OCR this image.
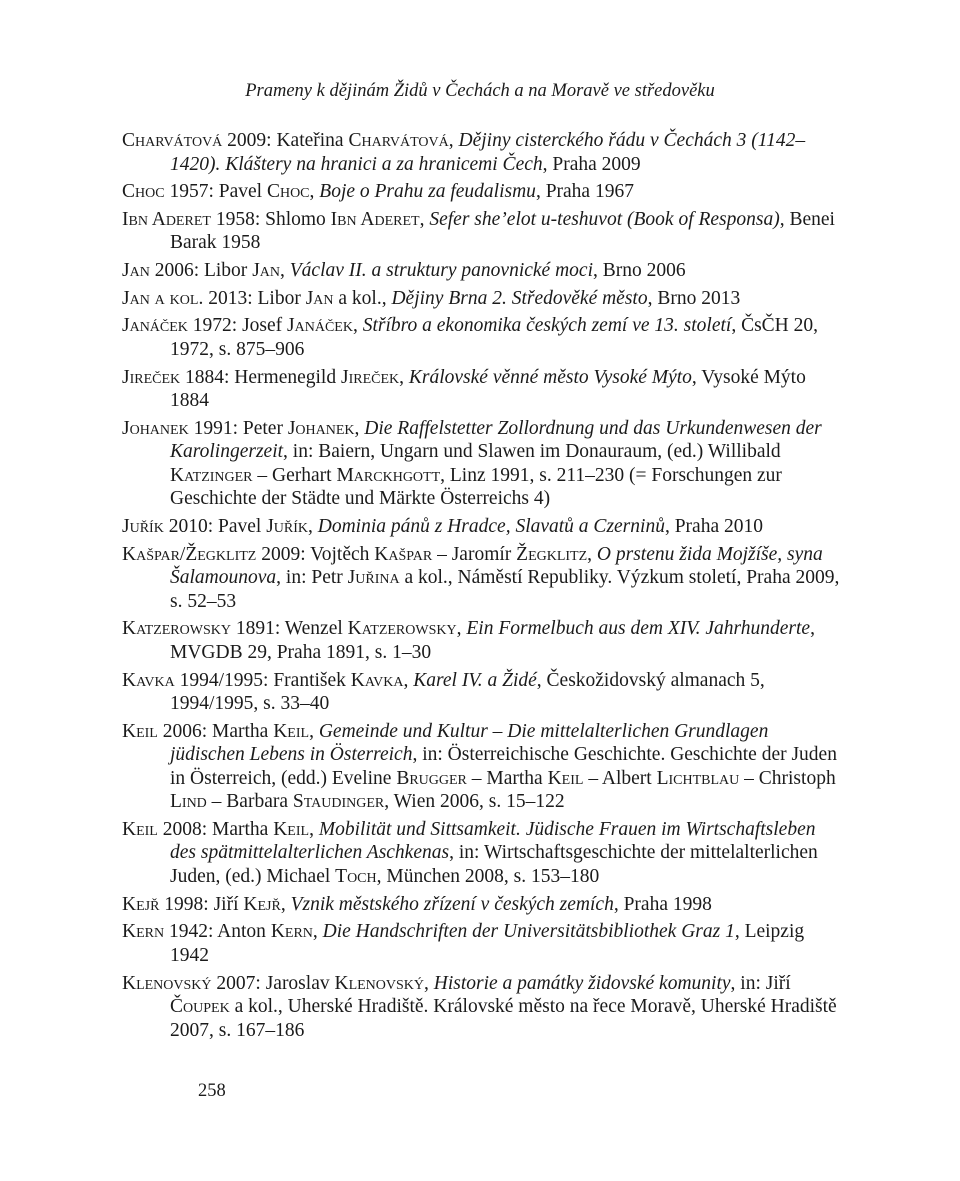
Prameny k dějinám Židů v Čechách a na Moravě ve středověku

Charvátová 2009: Kateřina Charvátová, Dějiny cisterckého řádu v Čechách 3 (1142–1420). Kláštery na hranici a za hranicemi Čech, Praha 2009

Choc 1957: Pavel Choc, Boje o Prahu za feudalismu, Praha 1967

Ibn Aderet 1958: Shlomo Ibn Aderet, Sefer she’elot u-teshuvot (Book of Responsa), Benei Barak 1958

Jan 2006: Libor Jan, Václav II. a struktury panovnické moci, Brno 2006

Jan a kol. 2013: Libor Jan a kol., Dějiny Brna 2. Středověké město, Brno 2013

Janáček 1972: Josef Janáček, Stříbro a ekonomika českých zemí ve 13. století, ČsČH 20, 1972, s. 875–906

Jireček 1884: Hermenegild Jireček, Královské věnné město Vysoké Mýto, Vysoké Mýto 1884

Johanek 1991: Peter Johanek, Die Raffelstetter Zollordnung und das Urkundenwesen der Karolingerzeit, in: Baiern, Ungarn und Slawen im Donauraum, (ed.) Willibald Katzinger – Gerhart Marckhgott, Linz 1991, s. 211–230 (= Forschungen zur Geschichte der Städte und Märkte Österreichs 4)

Juřík 2010: Pavel Juřík, Dominia pánů z Hradce, Slavatů a Czerninů, Praha 2010

Kašpar/Žegklitz 2009: Vojtěch Kašpar – Jaromír Žegklitz, O prstenu žida Mojžíše, syna Šalamounova, in: Petr Juřina a kol., Náměstí Republiky. Výzkum století, Praha 2009, s. 52–53

Katzerowsky 1891: Wenzel Katzerowsky, Ein Formelbuch aus dem XIV. Jahrhunderte, MVGDB 29, Praha 1891, s. 1–30

Kavka 1994/1995: František Kavka, Karel IV. a Židé, Českožidovský almanach 5, 1994/1995, s. 33–40

Keil 2006: Martha Keil, Gemeinde und Kultur – Die mittelalterlichen Grundlagen jüdischen Lebens in Österreich, in: Österreichische Geschichte. Geschichte der Juden in Österreich, (edd.) Eveline Brugger – Martha Keil – Albert Lichtblau – Christoph Lind – Barbara Staudinger, Wien 2006, s. 15–122

Keil 2008: Martha Keil, Mobilität und Sittsamkeit. Jüdische Frauen im Wirtschaftsleben des spätmittelalterlichen Aschkenas, in: Wirtschaftsgeschichte der mittelalterlichen Juden, (ed.) Michael Toch, München 2008, s. 153–180

Kejř 1998: Jiří Kejř, Vznik městského zřízení v českých zemích, Praha 1998

Kern 1942: Anton Kern, Die Handschriften der Universitätsbibliothek Graz 1, Leipzig 1942

Klenovský 2007: Jaroslav Klenovský, Historie a památky židovské komunity, in: Jiří Čoupek a kol., Uherské Hradiště. Královské město na řece Moravě, Uherské Hradiště 2007, s. 167–186

258
